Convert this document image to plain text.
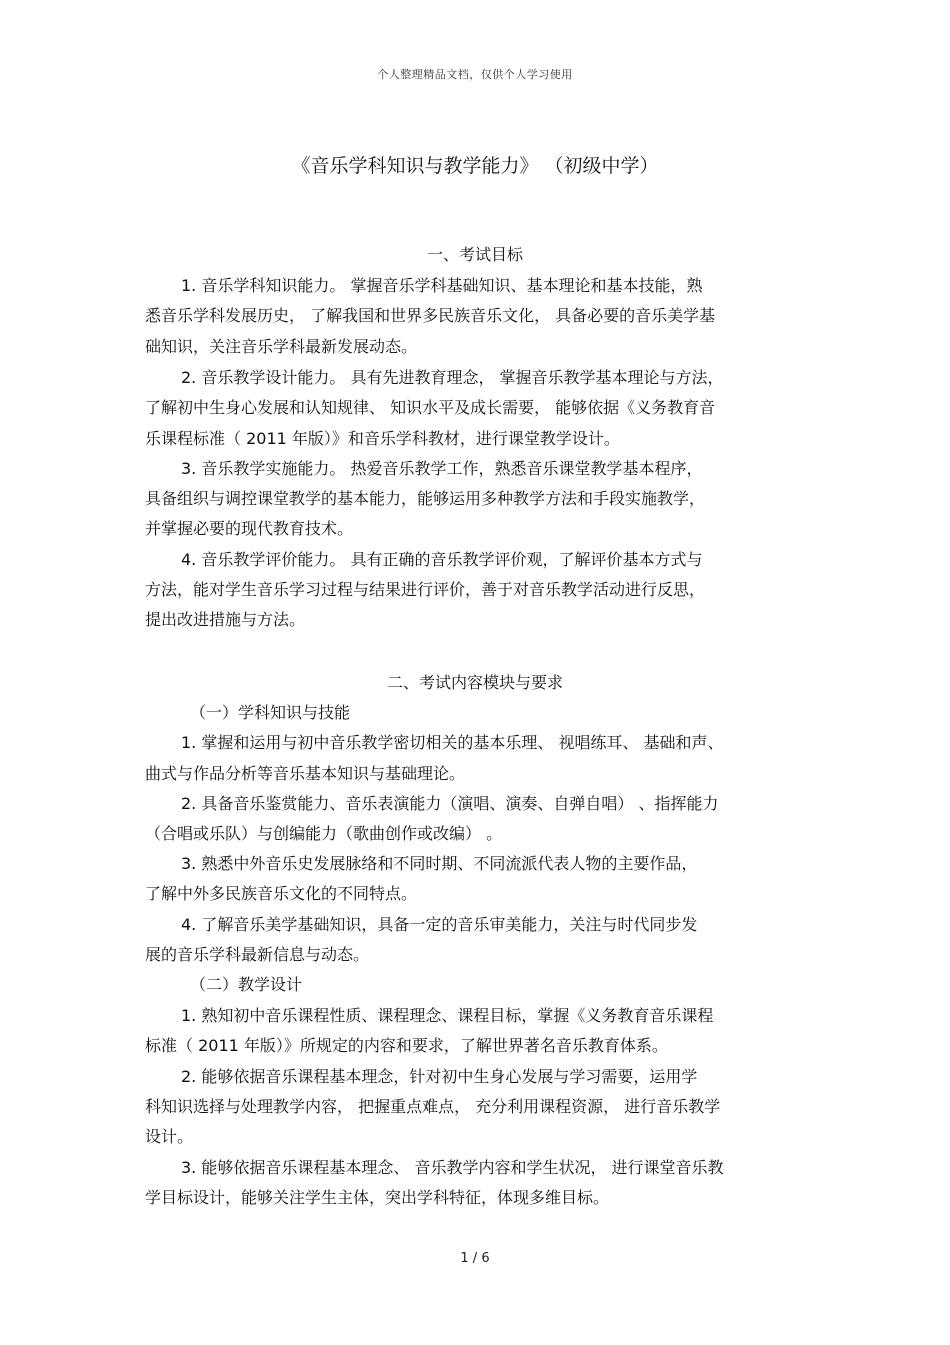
个人整理精品文档，仅供个人学习使用
《音乐学科知识与教学能力》 （初级中学）
一、考试目标
1. 音乐学科知识能力。 掌握音乐学科基础知识、基本理论和基本技能，熟
悉音乐学科发展历史， 了解我国和世界多民族音乐文化， 具备必要的音乐美学基
础知识，关注音乐学科最新发展动态。
2. 音乐教学设计能力。 具有先进教育理念， 掌握音乐教学基本理论与方法，
了解初中生身心发展和认知规律、 知识水平及成长需要， 能够依据《义务教育音
乐课程标准（ 2011 年版）》和音乐学科教材，进行课堂教学设计。
3. 音乐教学实施能力。 热爱音乐教学工作，熟悉音乐课堂教学基本程序，
具备组织与调控课堂教学的基本能力，能够运用多种教学方法和手段实施教学，
并掌握必要的现代教育技术。
4. 音乐教学评价能力。 具有正确的音乐教学评价观，了解评价基本方式与
方法，能对学生音乐学习过程与结果进行评价，善于对音乐教学活动进行反思，
提出改进措施与方法。
二、考试内容模块与要求
（一）学科知识与技能
1. 掌握和运用与初中音乐教学密切相关的基本乐理、 视唱练耳、 基础和声、
曲式与作品分析等音乐基本知识与基础理论。
2. 具备音乐鉴赏能力、音乐表演能力（演唱、演奏、自弹自唱） 、指挥能力
（合唱或乐队）与创编能力（歌曲创作或改编） 。
3. 熟悉中外音乐史发展脉络和不同时期、不同流派代表人物的主要作品，
了解中外多民族音乐文化的不同特点。
4. 了解音乐美学基础知识，具备一定的音乐审美能力，关注与时代同步发
展的音乐学科最新信息与动态。
（二）教学设计
1. 熟知初中音乐课程性质、课程理念、课程目标，掌握《义务教育音乐课程
标准（ 2011 年版）》所规定的内容和要求，了解世界著名音乐教育体系。
2. 能够依据音乐课程基本理念，针对初中生身心发展与学习需要，运用学
科知识选择与处理教学内容， 把握重点难点， 充分利用课程资源， 进行音乐教学
设计。
3. 能够依据音乐课程基本理念、 音乐教学内容和学生状况， 进行课堂音乐教
学目标设计，能够关注学生主体，突出学科特征，体现多维目标。
1 / 6
